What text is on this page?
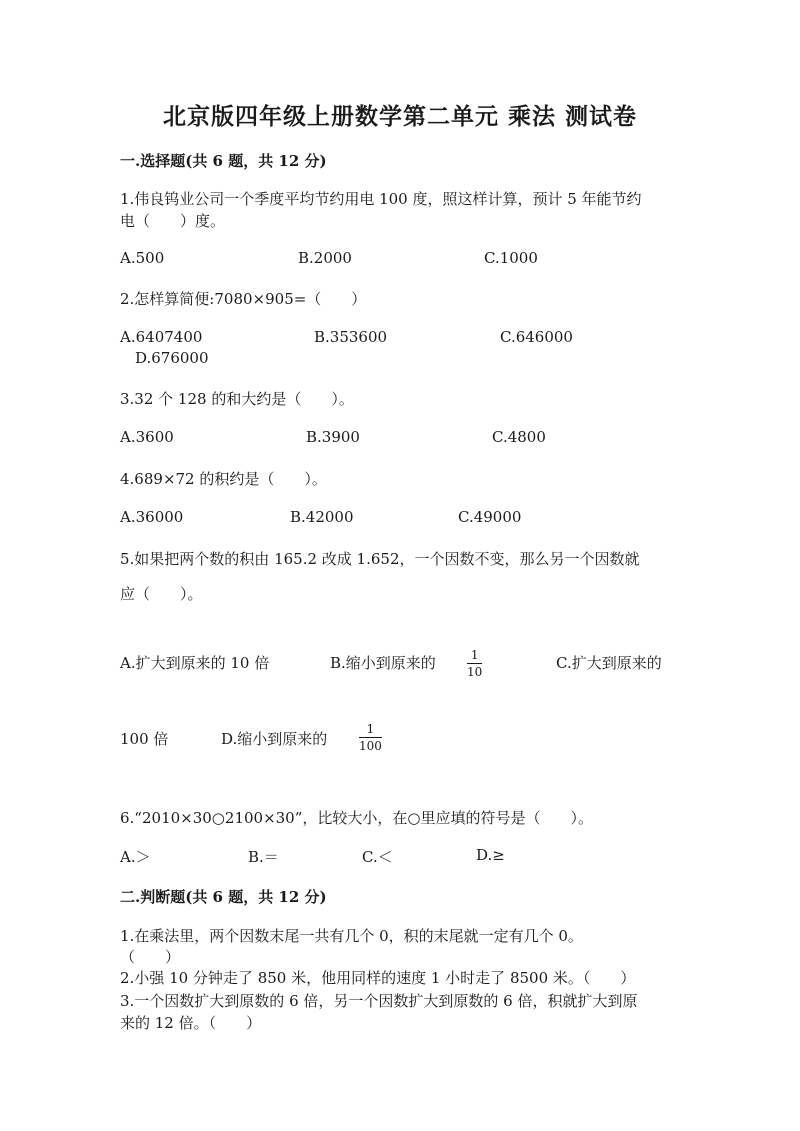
北京版四年级上册数学第二单元 乘法 测试卷
一.选择题(共 6 题，共 12 分)
1.伟良钨业公司一个季度平均节约用电 100 度，照这样计算，预计 5 年能节约
电（　　）度。
A.500	B.2000	C.1000
2.怎样算简便:7080×905=（　　）
A.6407400	B.353600	C.646000
D.676000
3.32 个 128 的和大约是（　　）。
A.3600	B.3900	C.4800
4.689×72 的积约是（　　）。
A.36000	B.42000	C.49000
5.如果把两个数的积由 165.2 改成 1.652，一个因数不变，那么另一个因数就
应（　　）。
A.扩大到原来的 10 倍	B.缩小到原来的	1
10	C.扩大到原来的
100 倍	D.缩小到原来的
1
100
6.“2010×30○2100×30”，比较大小，在○里应填的符号是（　　）。
A.＞	B.＝	C.＜	D.≥
二.判断题(共 6 题，共 12 分)
1.在乘法里，两个因数末尾一共有几个 0，积的末尾就一定有几个 0。
（　　）
2.小强 10 分钟走了 850 米，他用同样的速度 1 小时走了 8500 米。（　　）
3.一个因数扩大到原数的 6 倍，另一个因数扩大到原数的 6 倍，积就扩大到原
来的 12 倍。（　　）
